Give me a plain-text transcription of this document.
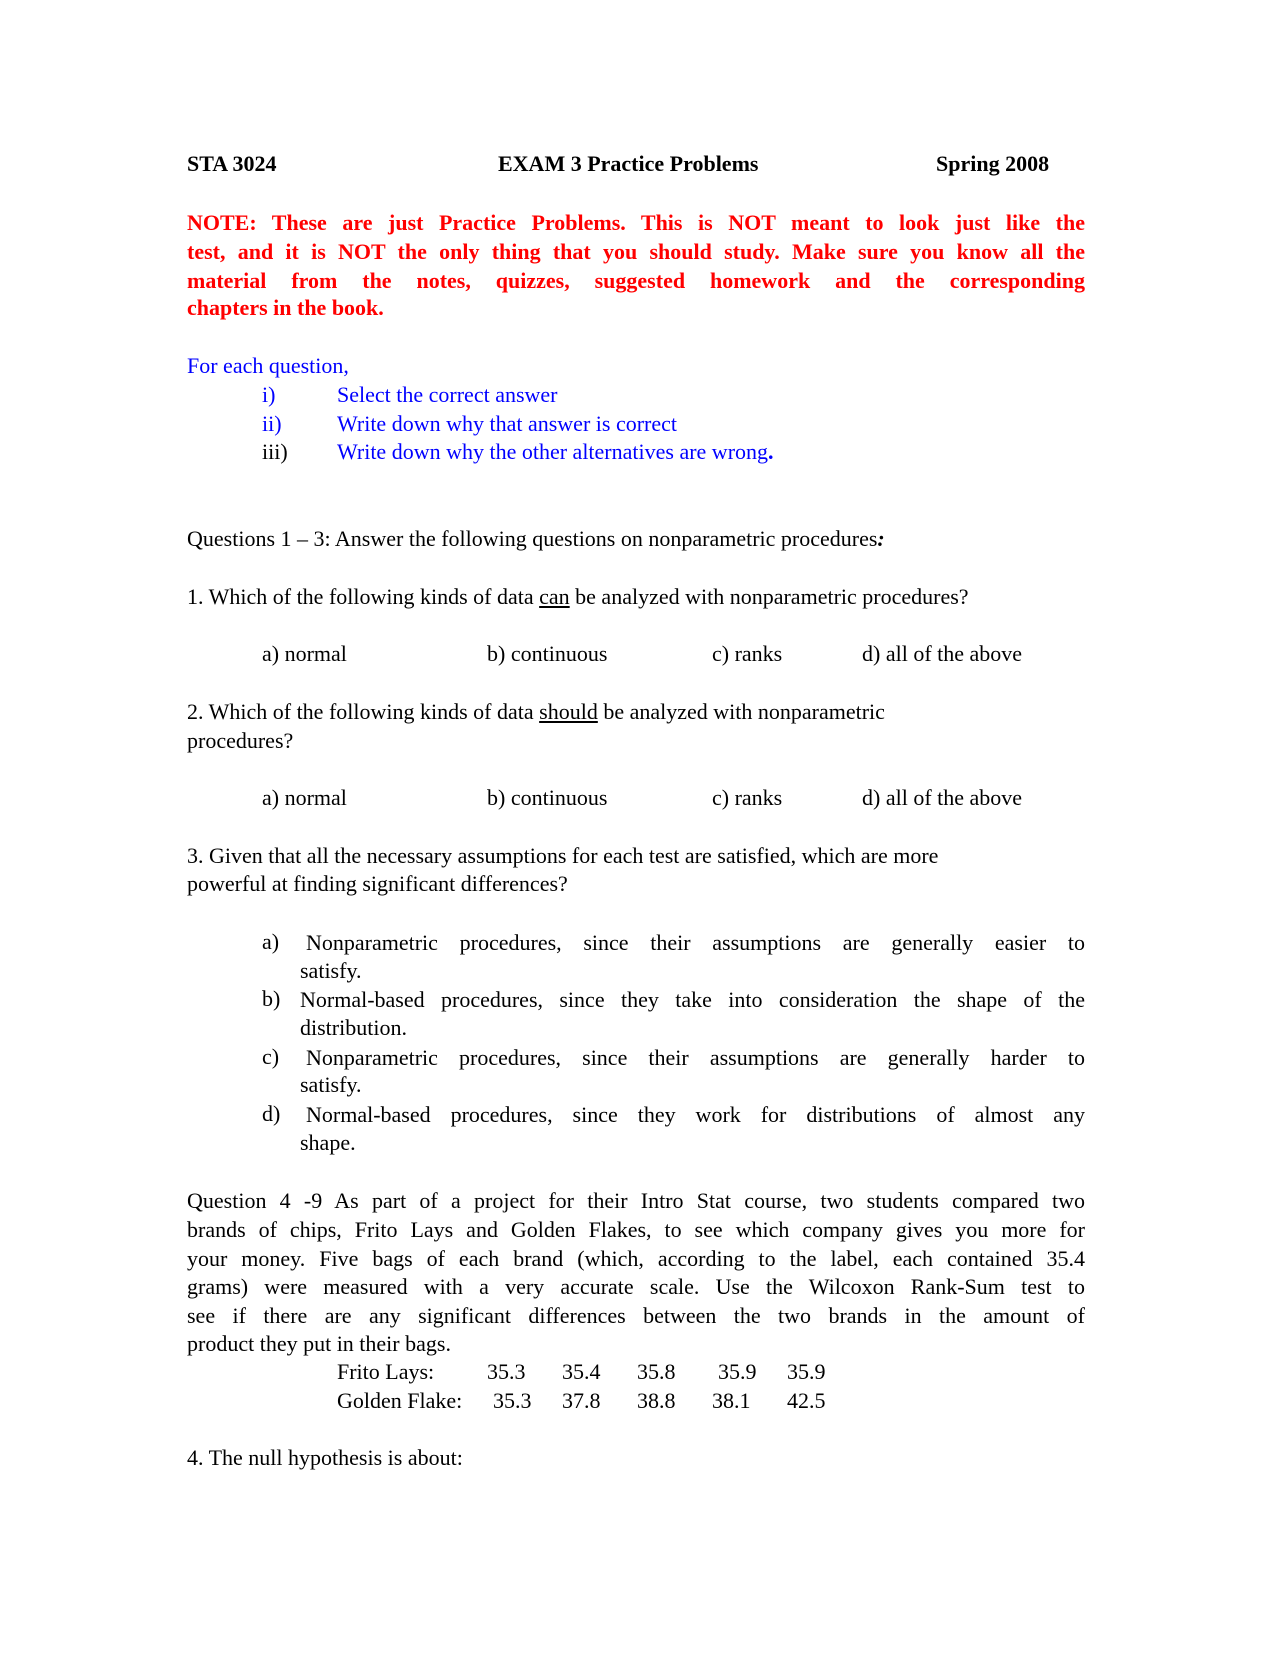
STA 3024	EXAM 3 Practice Problems	Spring 2008
NOTE: These are just Practice Problems. This is NOT meant to look just like the
test, and it is NOT the only thing that you should study. Make sure you know all the
material from the notes, quizzes, suggested homework and the corresponding
chapters in the book.
For each question,
i)	Select the correct answer
ii)	Write down why that answer is correct
iii) Write down why the other alternatives are wrong.
Questions 1 – 3: Answer the following questions on nonparametric procedures:
1. Which of the following kinds of data can be analyzed with nonparametric procedures?
a) normal	b) continuous	c) ranks	d) all of the above
2. Which of the following kinds of data should be analyzed with nonparametric
procedures?
a) normal	b) continuous	c) ranks	d) all of the above
3. Given that all the necessary assumptions for each test are satisfied, which are more
powerful at finding significant differences?
a) Nonparametric procedures, since their assumptions are generally easier to
satisfy.
b) Normal-based procedures, since they take into consideration the shape of the
distribution.
c) Nonparametric procedures, since their assumptions are generally harder to
satisfy.
d) Normal-based procedures, since they work for distributions of almost any
shape.
Question 4 -9 As part of a project for their Intro Stat course, two students compared two
brands of chips, Frito Lays and Golden Flakes, to see which company gives you more for
your money. Five bags of each brand (which, according to the label, each contained 35.4
grams) were measured with a very accurate scale. Use the Wilcoxon Rank-Sum test to
see if there are any significant differences between the two brands in the amount of
product they put in their bags.
Frito Lays: 35.3 35.4 35.8 35.9 35.9
Golden Flake: 35.3 37.8 38.8 38.1 42.5
4. The null hypothesis is about:
